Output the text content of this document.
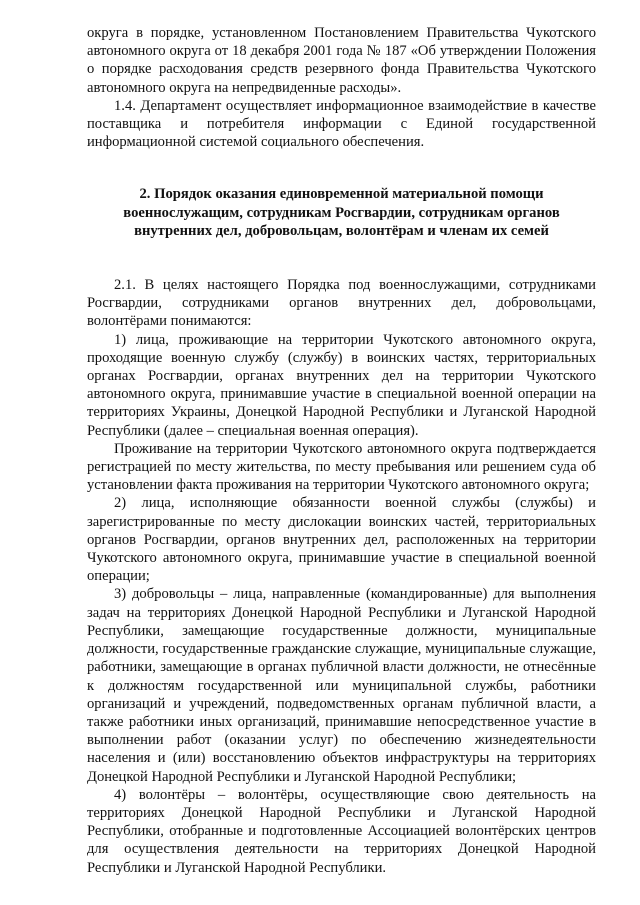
округа в порядке, установленном Постановлением Правительства Чукотского автономного округа от 18 декабря 2001 года № 187 «Об утверждении Положения о порядке расходования средств резервного фонда Правительства Чукотского автономного округа на непредвиденные расходы».

1.4. Департамент осуществляет информационное взаимодействие в качестве поставщика и потребителя информации с Единой государственной информационной системой социального обеспечения.

2. Порядок оказания единовременной материальной помощи военнослужащим, сотрудникам Росгвардии, сотрудникам органов внутренних дел, добровольцам, волонтёрам и членам их семей

2.1. В целях настоящего Порядка под военнослужащими, сотрудниками Росгвардии, сотрудниками органов внутренних дел, добровольцами, волонтёрами понимаются:

1) лица, проживающие на территории Чукотского автономного округа, проходящие военную службу (службу) в воинских частях, территориальных органах Росгвардии, органах внутренних дел на территории Чукотского автономного округа, принимавшие участие в специальной военной операции на территориях Украины, Донецкой Народной Республики и Луганской Народной Республики (далее – специальная военная операция).

Проживание на территории Чукотского автономного округа подтверждается регистрацией по месту жительства, по месту пребывания или решением суда об установлении факта проживания на территории Чукотского автономного округа;

2) лица, исполняющие обязанности военной службы (службы) и зарегистрированные по месту дислокации воинских частей, территориальных органов Росгвардии, органов внутренних дел, расположенных на территории Чукотского автономного округа, принимавшие участие в специальной военной операции;

3) добровольцы – лица, направленные (командированные) для выполнения задач на территориях Донецкой Народной Республики и Луганской Народной Республики, замещающие государственные должности, муниципальные должности, государственные гражданские служащие, муниципальные служащие, работники, замещающие в органах публичной власти должности, не отнесённые к должностям государственной или муниципальной службы, работники организаций и учреждений, подведомственных органам публичной власти, а также работники иных организаций, принимавшие непосредственное участие в выполнении работ (оказании услуг) по обеспечению жизнедеятельности населения и (или) восстановлению объектов инфраструктуры на территориях Донецкой Народной Республики и Луганской Народной Республики;

4) волонтёры – волонтёры, осуществляющие свою деятельность на территориях Донецкой Народной Республики и Луганской Народной Республики, отобранные и подготовленные Ассоциацией волонтёрских центров для осуществления деятельности на территориях Донецкой Народной Республики и Луганской Народной Республики.
